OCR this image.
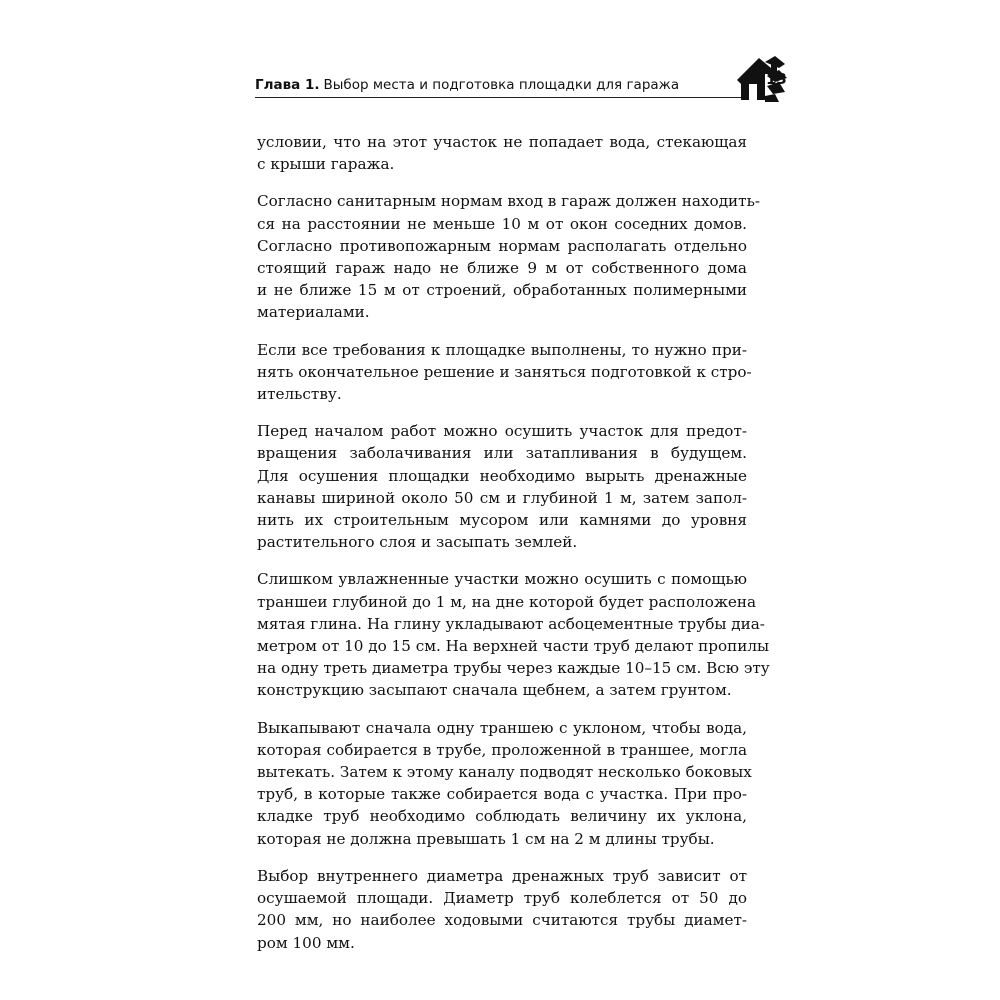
Глава 1. Выбор места и подготовка площадки для гаража	13

условии, что на этот участок не попадает вода, стекающая
с крыши гаража.

Согласно санитарным нормам вход в гараж должен находить-
ся на расстоянии не меньше 10 м от окон соседних домов.
Согласно противопожарным нормам располагать отдельно
стоящий гараж надо не ближе 9 м от собственного дома
и не ближе 15 м от строений, обработанных полимерными
материалами.

Если все требования к площадке выполнены, то нужно при-
нять окончательное решение и заняться подготовкой к стро-
ительству.

Перед началом работ можно осушить участок для предот-
вращения заболачивания или затапливания в будущем.
Для осушения площадки необходимо вырыть дренажные
канавы шириной около 50 см и глубиной 1 м, затем запол-
нить их строительным мусором или камнями до уровня
растительного слоя и засыпать землей.

Слишком увлажненные участки можно осушить с помощью
траншеи глубиной до 1 м, на дне которой будет расположена
мятая глина. На глину укладывают асбоцементные трубы диа-
метром от 10 до 15 см. На верхней части труб делают пропилы
на одну треть диаметра трубы через каждые 10–15 см. Всю эту
конструкцию засыпают сначала щебнем, а затем грунтом.

Выкапывают сначала одну траншею с уклоном, чтобы вода,
которая собирается в трубе, проложенной в траншее, могла
вытекать. Затем к этому каналу подводят несколько боковых
труб, в которые также собирается вода с участка. При про-
кладке труб необходимо соблюдать величину их уклона,
которая не должна превышать 1 см на 2 м длины трубы.

Выбор внутреннего диаметра дренажных труб зависит от
осушаемой площади. Диаметр труб колеблется от 50 до
200 мм, но наиболее ходовыми считаются трубы диамет-
ром 100 мм.
